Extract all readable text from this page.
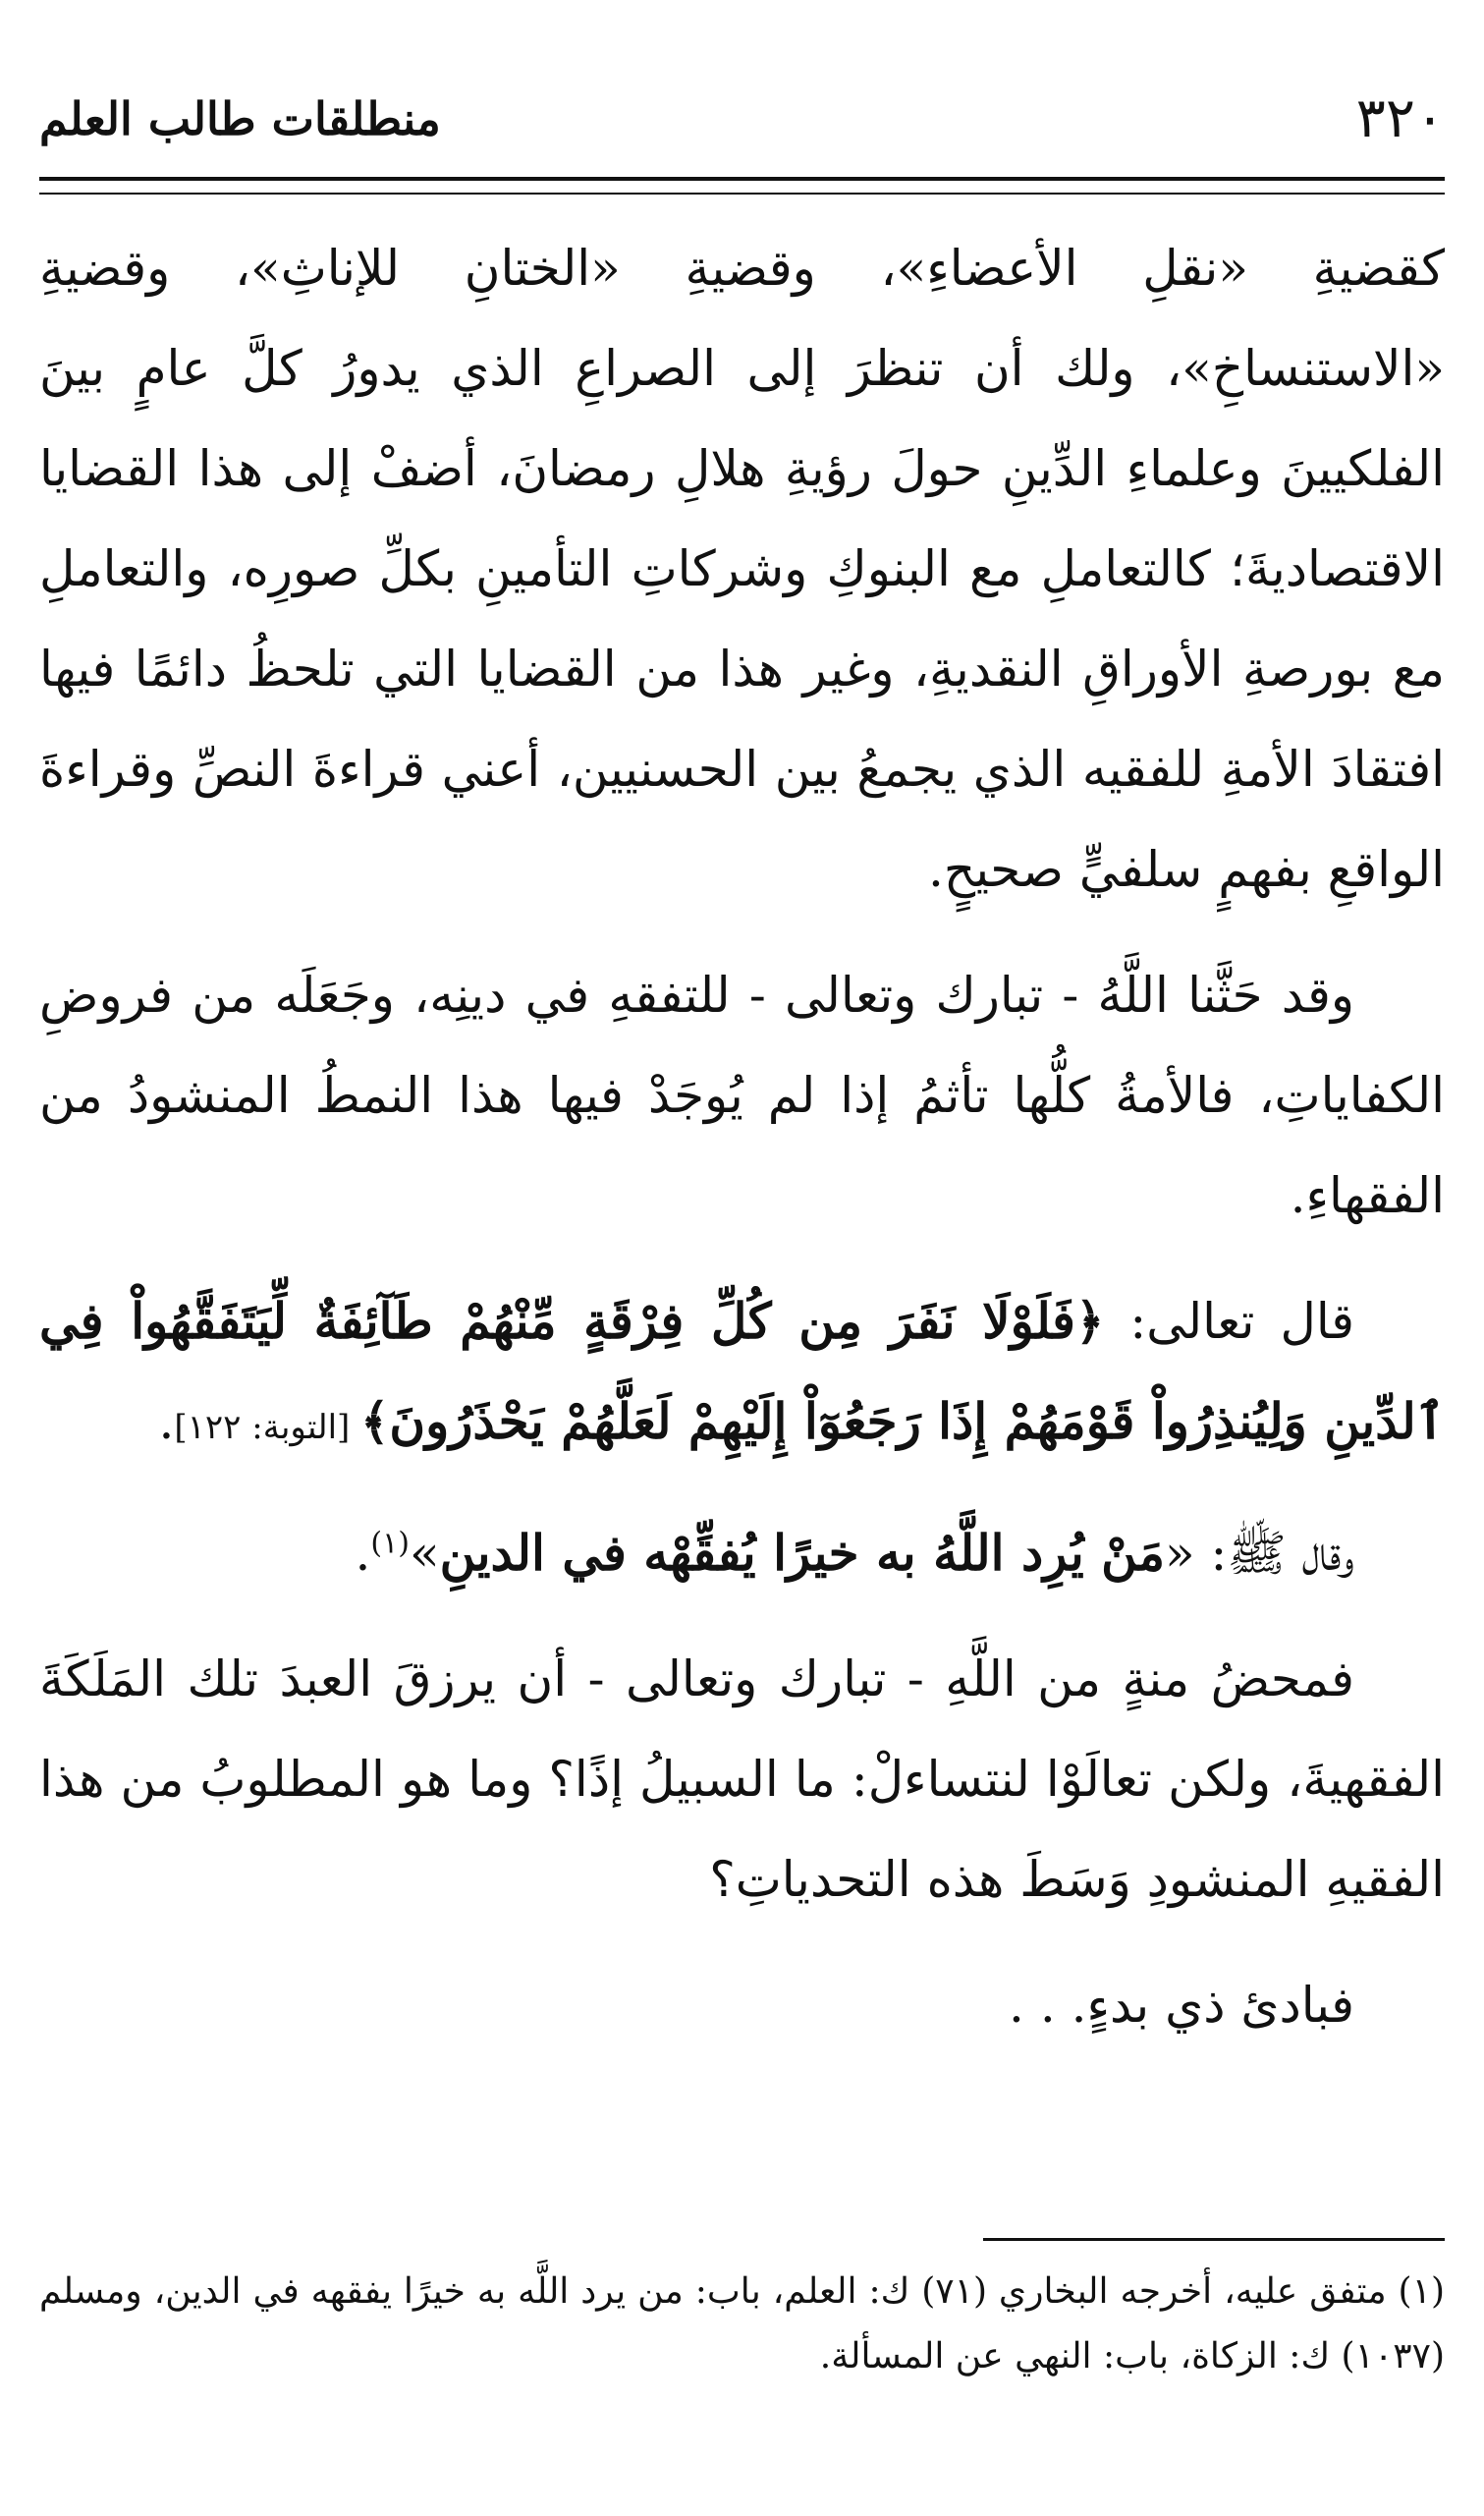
٣٢٠
منطلقات طالب العلم

كقضيةِ «نقلِ الأعضاءِ»، وقضيةِ «الختانِ للإناثِ»، وقضيةِ «الاستنساخِ»، ولك أن تنظرَ إلى الصراعِ الذي يدورُ كلَّ عامٍ بينَ الفلكيينَ وعلماءِ الدِّينِ حولَ رؤيةِ هلالِ رمضانَ، أضفْ إلى هذا القضايا الاقتصاديةَ؛ كالتعاملِ مع البنوكِ وشركاتِ التأمينِ بكلِّ صورِه، والتعاملِ مع بورصةِ الأوراقِ النقديةِ، وغير هذا من القضايا التي تلحظُ دائمًا فيها افتقادَ الأمةِ للفقيه الذي يجمعُ بين الحسنيين، أعني قراءةَ النصِّ وقراءةَ الواقعِ بفهمٍ سلفيٍّ صحيحٍ.

وقد حَثَّنا اللَّهُ - تبارك وتعالى - للتفقهِ في دينِه، وجَعَلَه من فروضِ الكفاياتِ، فالأمةُ كلُّها تأثمُ إذا لم يُوجَدْ فيها هذا النمطُ المنشودُ من الفقهاءِ.

قال تعالى: ﴿فَلَوْلَا نَفَرَ مِن كُلِّ فِرْقَةٍ مِّنْهُمْ طَآئِفَةٌ لِّيَتَفَقَّهُواْ فِي ٱلدِّينِ وَلِيُنذِرُواْ قَوْمَهُمْ إِذَا رَجَعُوٓاْ إِلَيْهِمْ لَعَلَّهُمْ يَحْذَرُونَ﴾ [التوبة: ١٢٢].

وقال ﷺ: «مَنْ يُرِد اللَّهُ به خيرًا يُفقِّهْه في الدينِ»$^{(١)}$.

فمحضُ منةٍ من اللَّهِ - تبارك وتعالى - أن يرزقَ العبدَ تلك المَلَكَةَ الفقهيةَ، ولكن تعالَوْا لنتساءلْ: ما السبيلُ إذًا؟ وما هو المطلوبُ من هذا الفقيهِ المنشودِ وَسَطَ هذه التحدياتِ؟

فبادئ ذي بدءٍ. . .

(١) متفق عليه، أخرجه البخاري (٧١) ك: العلم، باب: من يرد اللَّه به خيرًا يفقهه في الدين، ومسلم (١٠٣٧) ك: الزكاة، باب: النهي عن المسألة.
